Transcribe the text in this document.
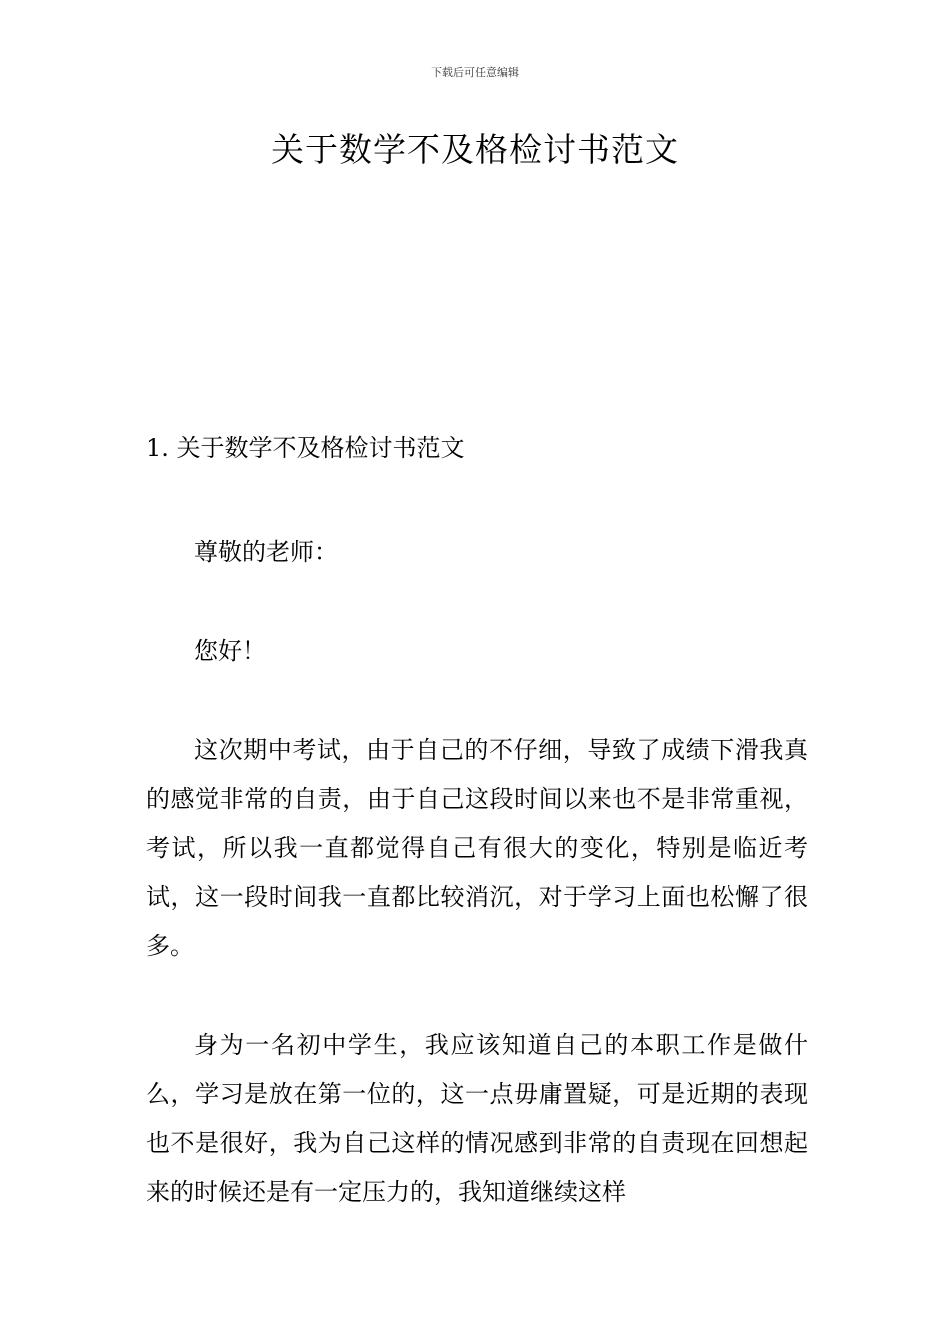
下载后可任意编辑
关于数学不及格检讨书范文

1. 关于数学不及格检讨书范文

尊敬的老师：

您好！

这次期中考试，由于自己的不仔细，导致了成绩下滑我真的感觉非常的自责，由于自己这段时间以来也不是非常重视，考试，所以我一直都觉得自己有很大的变化，特别是临近考试，这一段时间我一直都比较消沉，对于学习上面也松懈了很多。

身为一名初中学生，我应该知道自己的本职工作是做什么，学习是放在第一位的，这一点毋庸置疑，可是近期的表现也不是很好，我为自己这样的情况感到非常的自责现在回想起来的时候还是有一定压力的，我知道继续这样
